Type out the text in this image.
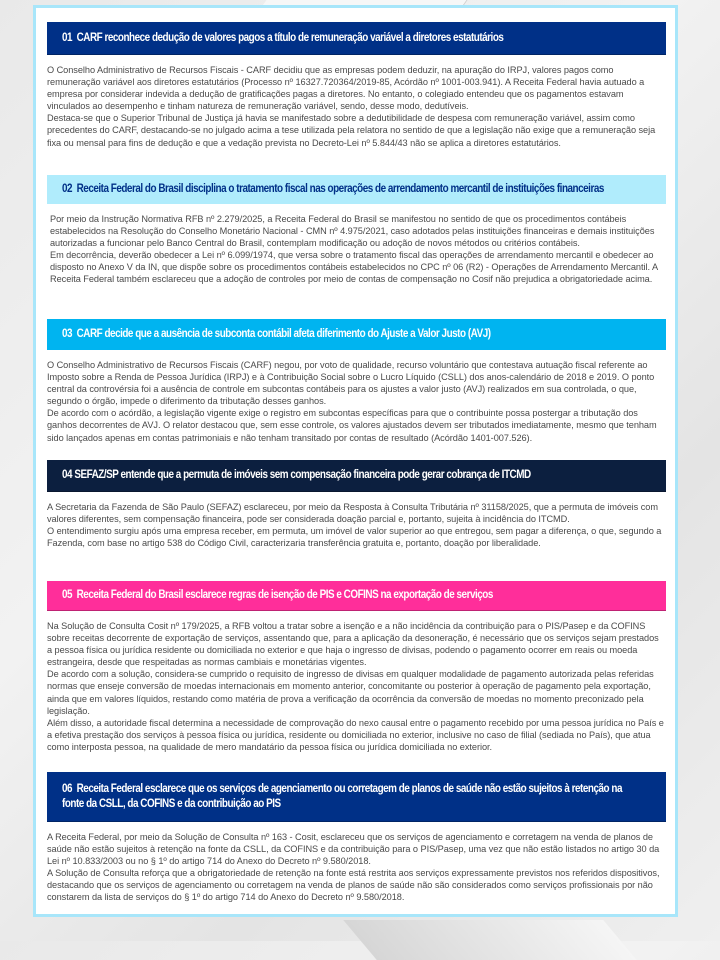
01 CARF reconhece dedução de valores pagos a título de remuneração variável a diretores estatutários

O Conselho Administrativo de Recursos Fiscais - CARF decidiu que as empresas podem deduzir, na apuração do IRPJ, valores pagos como remuneração variável aos diretores estatutários (Processo nº 16327.720364/2019-85, Acórdão nº 1001-003.941). A Receita Federal havia autuado a empresa por considerar indevida a dedução de gratificações pagas a diretores. No entanto, o colegiado entendeu que os pagamentos estavam vinculados ao desempenho e tinham natureza de remuneração variável, sendo, desse modo, dedutíveis.

Destaca-se que o Superior Tribunal de Justiça já havia se manifestado sobre a dedutibilidade de despesa com remuneração variável, assim como precedentes do CARF, destacando-se no julgado acima a tese utilizada pela relatora no sentido de que a legislação não exige que a remuneração seja fixa ou mensal para fins de dedução e que a vedação prevista no Decreto-Lei nº 5.844/43 não se aplica a diretores estatutários.

02 Receita Federal do Brasil disciplina o tratamento fiscal nas operações de arrendamento mercantil de instituições financeiras

Por meio da Instrução Normativa RFB nº 2.279/2025, a Receita Federal do Brasil se manifestou no sentido de que os procedimentos contábeis estabelecidos na Resolução do Conselho Monetário Nacional - CMN nº 4.975/2021, caso adotados pelas instituições financeiras e demais instituições autorizadas a funcionar pelo Banco Central do Brasil, contemplam modificação ou adoção de novos métodos ou critérios contábeis.

Em decorrência, deverão obedecer a Lei nº 6.099/1974, que versa sobre o tratamento fiscal das operações de arrendamento mercantil e obedecer ao disposto no Anexo V da IN, que dispõe sobre os procedimentos contábeis estabelecidos no CPC nº 06 (R2) - Operações de Arrendamento Mercantil. A Receita Federal também esclareceu que a adoção de controles por meio de contas de compensação no Cosif não prejudica a obrigatoriedade acima.

03 CARF decide que a ausência de subconta contábil afeta diferimento do Ajuste a Valor Justo (AVJ)

O Conselho Administrativo de Recursos Fiscais (CARF) negou, por voto de qualidade, recurso voluntário que contestava autuação fiscal referente ao Imposto sobre a Renda de Pessoa Jurídica (IRPJ) e à Contribuição Social sobre o Lucro Líquido (CSLL) dos anos-calendário de 2018 e 2019. O ponto central da controvérsia foi a ausência de controle em subcontas contábeis para os ajustes a valor justo (AVJ) realizados em sua controlada, o que, segundo o órgão, impede o diferimento da tributação desses ganhos.

De acordo com o acórdão, a legislação vigente exige o registro em subcontas específicas para que o contribuinte possa postergar a tributação dos ganhos decorrentes de AVJ. O relator destacou que, sem esse controle, os valores ajustados devem ser tributados imediatamente, mesmo que tenham sido lançados apenas em contas patrimoniais e não tenham transitado por contas de resultado (Acórdão 1401-007.526).

04 SEFAZ/SP entende que a permuta de imóveis sem compensação financeira pode gerar cobrança de ITCMD

A Secretaria da Fazenda de São Paulo (SEFAZ) esclareceu, por meio da Resposta à Consulta Tributária nº 31158/2025, que a permuta de imóveis com valores diferentes, sem compensação financeira, pode ser considerada doação parcial e, portanto, sujeita à incidência do ITCMD.

O entendimento surgiu após uma empresa receber, em permuta, um imóvel de valor superior ao que entregou, sem pagar a diferença, o que, segundo a Fazenda, com base no artigo 538 do Código Civil, caracterizaria transferência gratuita e, portanto, doação por liberalidade.

05 Receita Federal do Brasil esclarece regras de isenção de PIS e COFINS na exportação de serviços

Na Solução de Consulta Cosit nº 179/2025, a RFB voltou a tratar sobre a isenção e a não incidência da contribuição para o PIS/Pasep e da COFINS sobre receitas decorrente de exportação de serviços, assentando que, para a aplicação da desoneração, é necessário que os serviços sejam prestados a pessoa física ou jurídica residente ou domiciliada no exterior e que haja o ingresso de divisas, podendo o pagamento ocorrer em reais ou moeda estrangeira, desde que respeitadas as normas cambiais e monetárias vigentes.

De acordo com a solução, considera-se cumprido o requisito de ingresso de divisas em qualquer modalidade de pagamento autorizada pelas referidas normas que enseje conversão de moedas internacionais em momento anterior, concomitante ou posterior à operação de pagamento pela exportação, ainda que em valores líquidos, restando como matéria de prova a verificação da ocorrência da conversão de moedas no momento preconizado pela legislação.

Além disso, a autoridade fiscal determina a necessidade de comprovação do nexo causal entre o pagamento recebido por uma pessoa jurídica no País e a efetiva prestação dos serviços à pessoa física ou jurídica, residente ou domiciliada no exterior, inclusive no caso de filial (sediada no País), que atua como interposta pessoa, na qualidade de mero mandatário da pessoa física ou jurídica domiciliada no exterior.

06 Receita Federal esclarece que os serviços de agenciamento ou corretagem de planos de saúde não estão sujeitos à retenção na
fonte da CSLL, da COFINS e da contribuição ao PIS

A Receita Federal, por meio da Solução de Consulta nº 163 - Cosit, esclareceu que os serviços de agenciamento e corretagem na venda de planos de saúde não estão sujeitos à retenção na fonte da CSLL, da COFINS e da contribuição para o PIS/Pasep, uma vez que não estão listados no artigo 30 da Lei nº 10.833/2003 ou no § 1º do artigo 714 do Anexo do Decreto nº 9.580/2018.

A Solução de Consulta reforça que a obrigatoriedade de retenção na fonte está restrita aos serviços expressamente previstos nos referidos dispositivos, destacando que os serviços de agenciamento ou corretagem na venda de planos de saúde não são considerados como serviços profissionais por não constarem da lista de serviços do § 1º do artigo 714 do Anexo do Decreto nº 9.580/2018.
